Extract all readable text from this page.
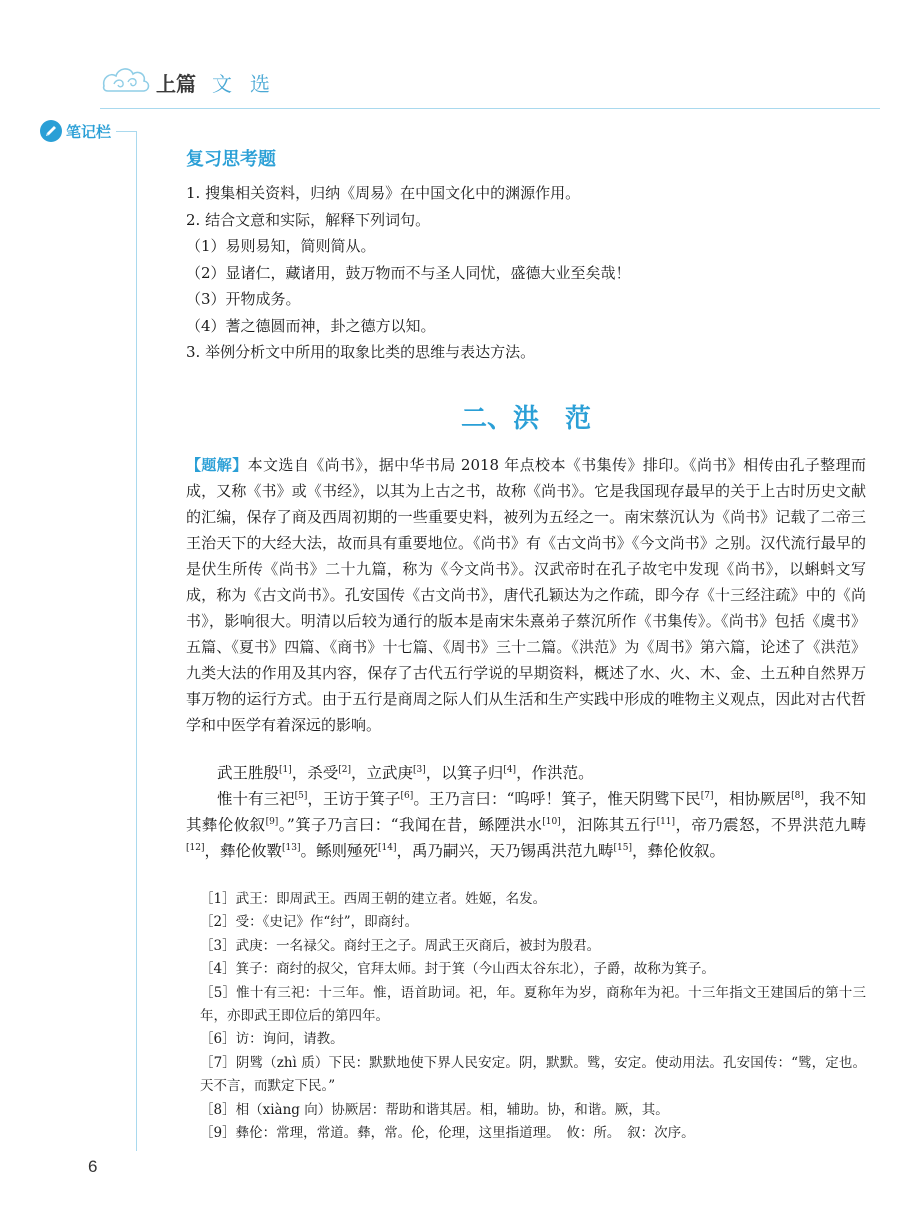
上篇 文选
笔记栏
复习思考题
1. 搜集相关资料，归纳《周易》在中国文化中的渊源作用。
2. 结合文意和实际，解释下列词句。
（1）易则易知，简则简从。
（2）显诸仁，藏诸用，鼓万物而不与圣人同忧，盛德大业至矣哉！
（3）开物成务。
（4）蓍之德圆而神，卦之德方以知。
3. 举例分析文中所用的取象比类的思维与表达方法。
二、洪　范
【题解】本文选自《尚书》，据中华书局 2018 年点校本《书集传》排印。《尚书》相传由孔子整理而成，又称《书》或《书经》，以其为上古之书，故称《尚书》。它是我国现存最早的关于上古时历史文献的汇编，保存了商及西周初期的一些重要史料，被列为五经之一。南宋蔡沉认为《尚书》记载了二帝三王治天下的大经大法，故而具有重要地位。《尚书》有《古文尚书》《今文尚书》之别。汉代流行最早的是伏生所传《尚书》二十九篇，称为《今文尚书》。汉武帝时在孔子故宅中发现《尚书》，以蝌蚪文写成，称为《古文尚书》。孔安国传《古文尚书》，唐代孔颖达为之作疏，即今存《十三经注疏》中的《尚书》，影响很大。明清以后较为通行的版本是南宋朱熹弟子蔡沉所作《书集传》。《尚书》包括《虞书》五篇、《夏书》四篇、《商书》十七篇、《周书》三十二篇。《洪范》为《周书》第六篇，论述了《洪范》九类大法的作用及其内容，保存了古代五行学说的早期资料，概述了水、火、木、金、土五种自然界万事万物的运行方式。由于五行是商周之际人们从生活和生产实践中形成的唯物主义观点，因此对古代哲学和中医学有着深远的影响。

武王胜殷[1]，杀受[2]，立武庚[3]，以箕子归[4]，作洪范。

惟十有三祀[5]，王访于箕子[6]。王乃言曰：“呜呼！箕子，惟天阴骘下民[7]，相协厥居[8]，我不知其彝伦攸叙[9]。”箕子乃言曰：“我闻在昔，鲧陻洪水[10]，汩陈其五行[11]，帝乃震怒，不畀洪范九畴[12]，彝伦攸斁[13]。鲧则殛死[14]，禹乃嗣兴，天乃锡禹洪范九畴[15]，彝伦攸叙。

［1］武王：即周武王。西周王朝的建立者。姓姬，名发。

［2］受：《史记》作“纣”，即商纣。

［3］武庚：一名禄父。商纣王之子。周武王灭商后，被封为殷君。

［4］箕子：商纣的叔父，官拜太师。封于箕（今山西太谷东北），子爵，故称为箕子。

［5］惟十有三祀：十三年。惟，语首助词。祀，年。夏称年为岁，商称年为祀。十三年指文王建国后的第十三年，亦即武王即位后的第四年。

［6］访：询问，请教。

［7］阴骘（zhì 质）下民：默默地使下界人民安定。阴，默默。骘，安定。使动用法。孔安国传：“骘，定也。天不言，而默定下民。”

［8］相（xiàng 向）协厥居：帮助和谐其居。相，辅助。协，和谐。厥，其。

［9］彝伦：常理，常道。彝，常。伦，伦理，这里指道理。　攸：所。　叙：次序。

6
